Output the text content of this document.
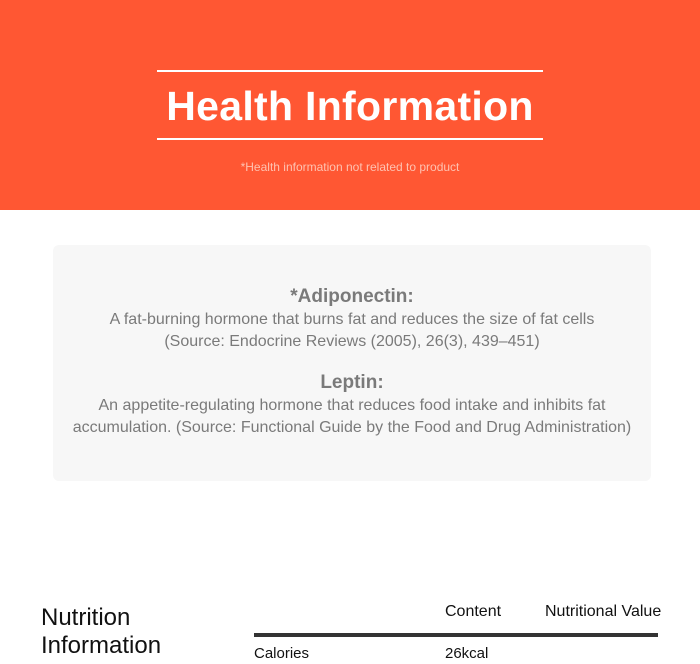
Health Information
*Health information not related to product
*Adiponectin:
A fat-burning hormone that burns fat and reduces the size of fat cells
(Source: Endocrine Reviews (2005), 26(3), 439–451)
Leptin:
An appetite-regulating hormone that reduces food intake and inhibits fat
accumulation. (Source: Functional Guide by the Food and Drug Administration)
Nutrition Information
Content	Nutritional Value
Calories	26kcal
